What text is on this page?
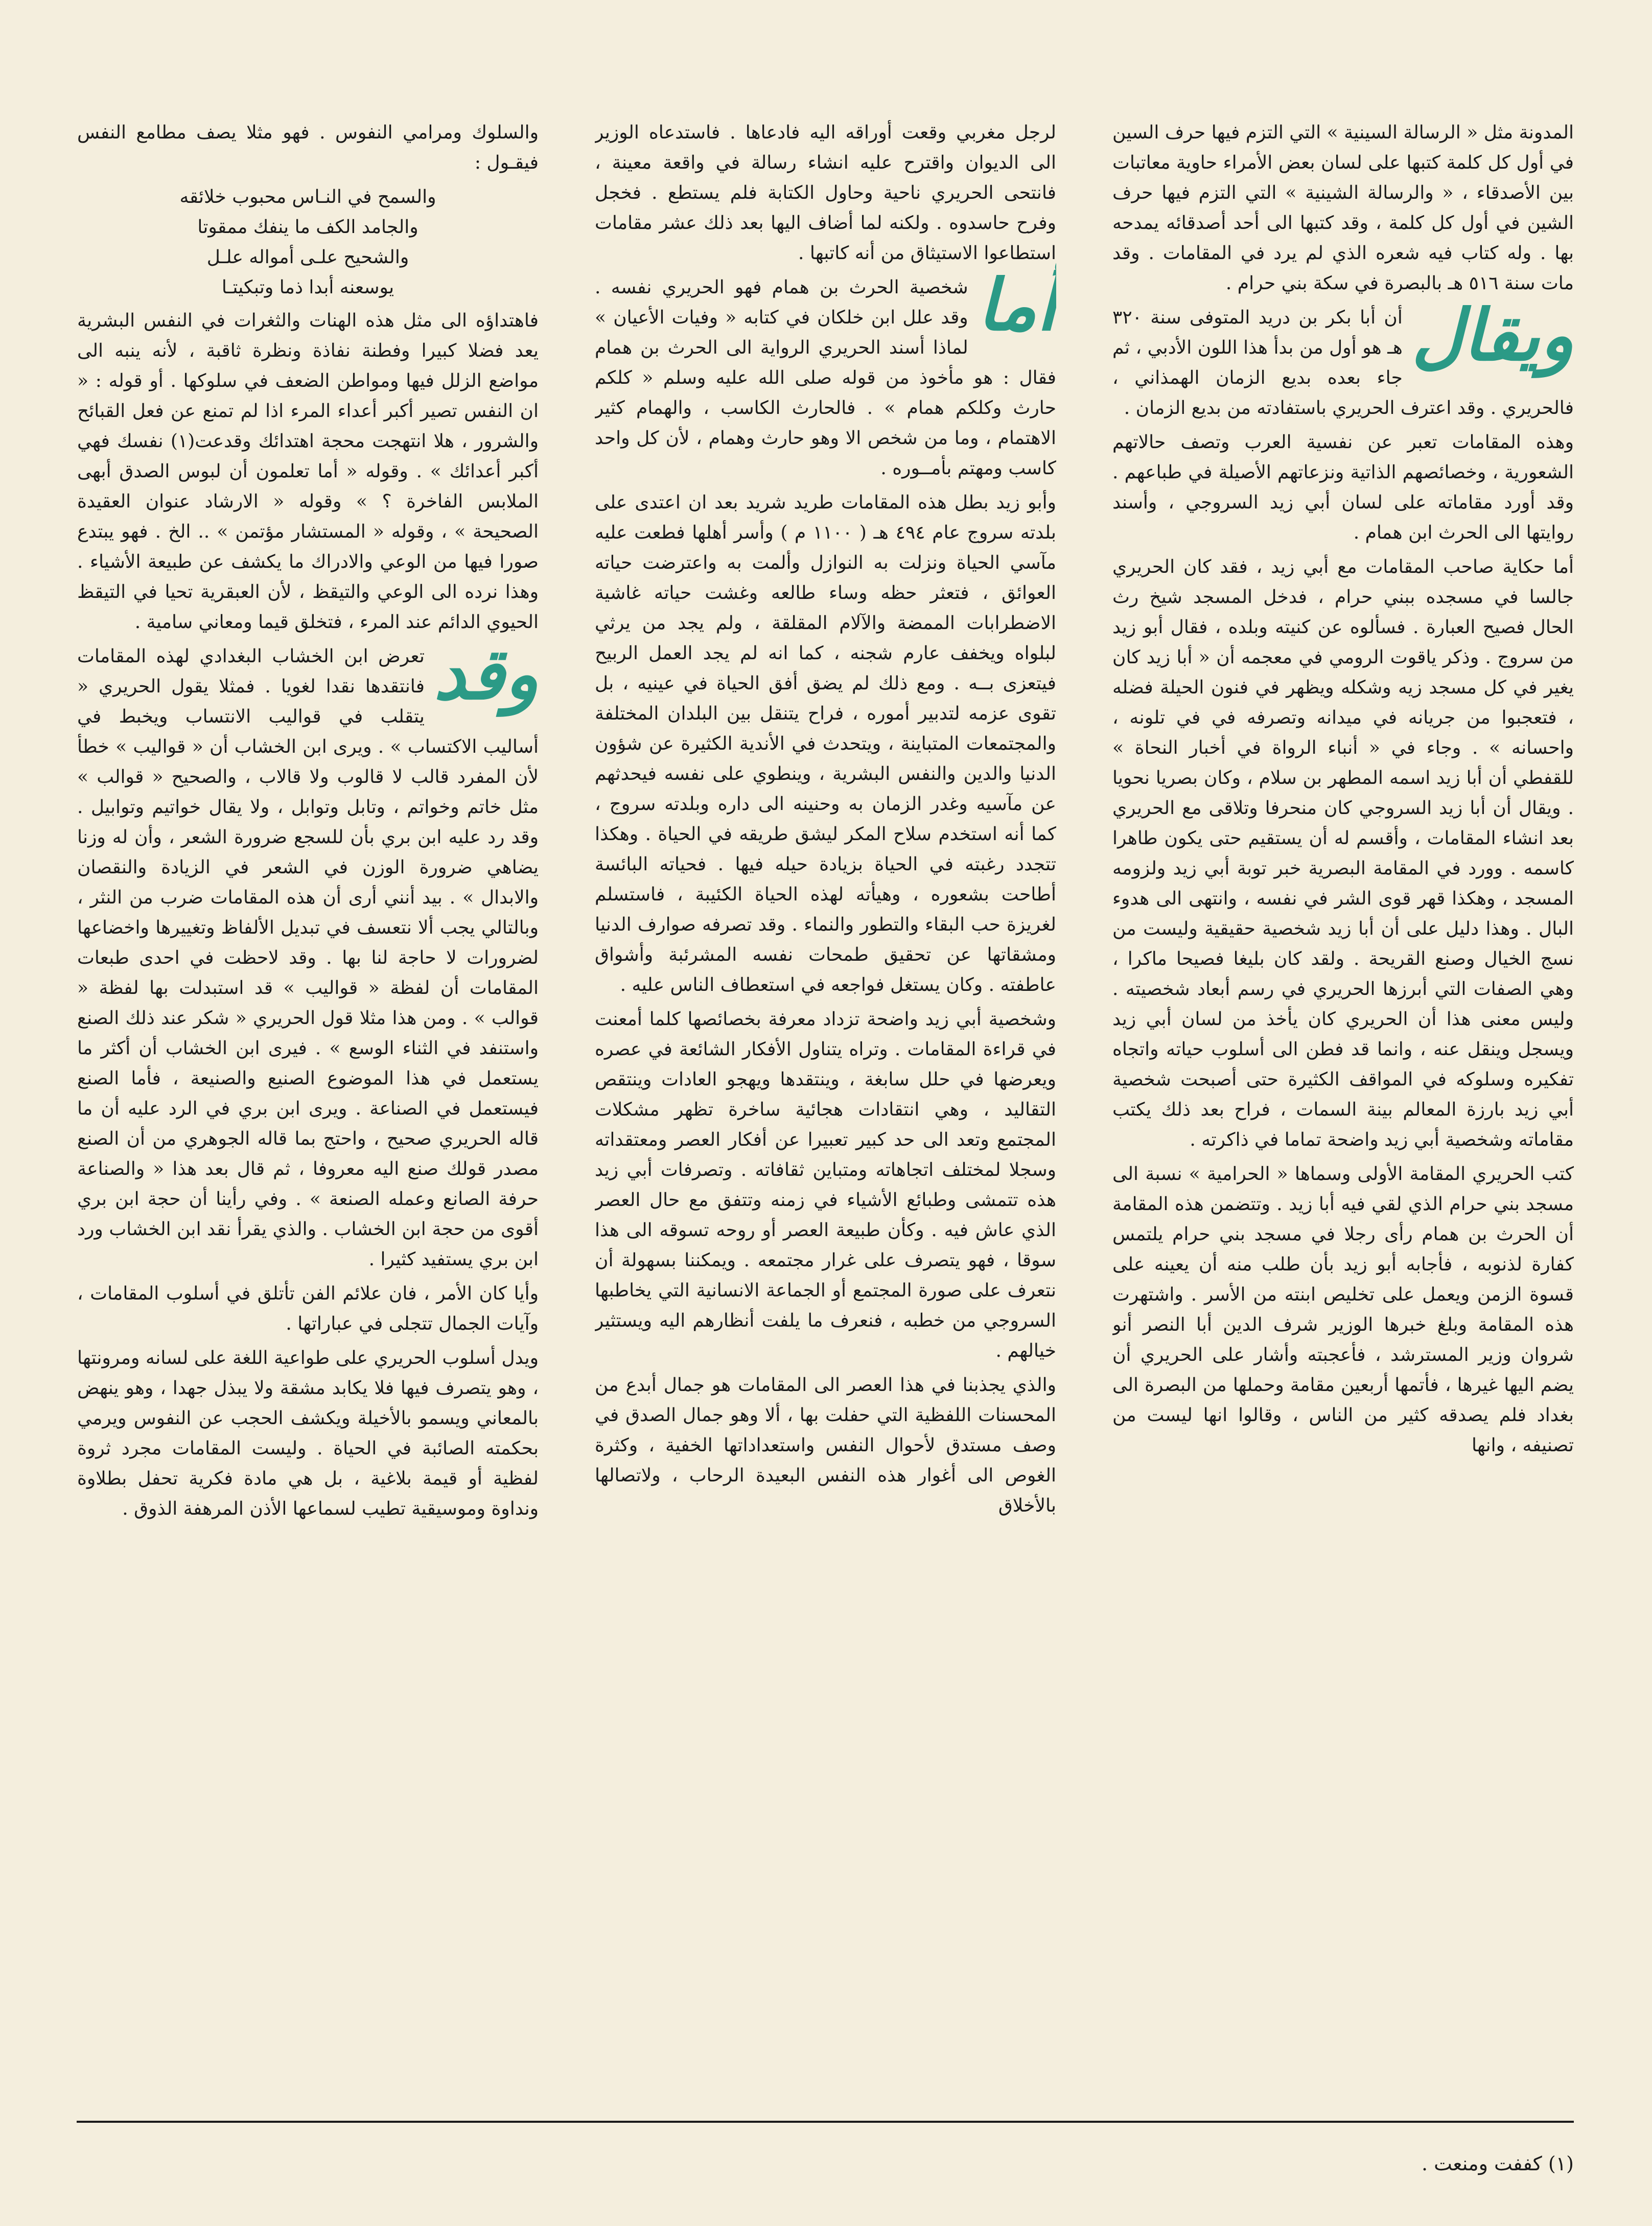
المدونة مثل « الرسالة السينية » التي التزم فيها حرف السين في أول كل كلمة كتبها على لسان بعض الأمراء حاوية معاتبات بين الأصدقاء ، « والرسالة الشينية » التي التزم فيها حرف الشين في أول كل كلمة ، وقد كتبها الى أحد أصدقائه يمدحه بها . وله كتاب فيه شعره الذي لم يرد في المقامات . وقد مات سنة ٥١٦ هـ بالبصرة في سكة بني حرام .

ويقال
أن أبا بكر بن دريد المتوفى سنة ٣٢٠ هـ هو أول من بدأ هذا اللون الأدبي ، ثم جاء بعده بديع الزمان الهمذاني ، فالحريري . وقد اعترف الحريري باستفادته من بديع الزمان .

وهذه المقامات تعبر عن نفسية العرب وتصف حالاتهم الشعورية ، وخصائصهم الذاتية ونزعاتهم الأصيلة في طباعهم . وقد أورد مقاماته على لسان أبي زيد السروجي ، وأسند روايتها الى الحرث ابن همام .

أما حكاية صاحب المقامات مع أبي زيد ، فقد كان الحريري جالسا في مسجده ببني حرام ، فدخل المسجد شيخ رث الحال فصيح العبارة . فسألوه عن كنيته وبلده ، فقال أبو زيد من سروج . وذكر ياقوت الرومي في معجمه أن « أبا زيد كان يغير في كل مسجد زيه وشكله ويظهر في فنون الحيلة فضله ، فتعجبوا من جريانه في ميدانه وتصرفه في في تلونه ، واحسانه » . وجاء في « أنباء الرواة في أخبار النحاة » للقفطي أن أبا زيد اسمه المطهر بن سلام ، وكان بصريا نحويا . ويقال أن أبا زيد السروجي كان منحرفا وتلاقى مع الحريري بعد انشاء المقامات ، وأقسم له أن يستقيم حتى يكون طاهرا كاسمه . وورد في المقامة البصرية خبر توبة أبي زيد ولزومه المسجد ، وهكذا قهر قوى الشر في نفسه ، وانتهى الى هدوء البال . وهذا دليل على أن أبا زيد شخصية حقيقية وليست من نسج الخيال وصنع القريحة . ولقد كان بليغا فصيحا ماكرا ، وهي الصفات التي أبرزها الحريري في رسم أبعاد شخصيته . وليس معنى هذا أن الحريري كان يأخذ من لسان أبي زيد ويسجل وينقل عنه ، وانما قد فطن الى أسلوب حياته واتجاه تفكيره وسلوكه في المواقف الكثيرة حتى أصبحت شخصية أبي زيد بارزة المعالم بينة السمات ، فراح بعد ذلك يكتب مقاماته وشخصية أبي زيد واضحة تماما في ذاكرته .

كتب الحريري المقامة الأولى وسماها « الحرامية » نسبة الى مسجد بني حرام الذي لقي فيه أبا زيد . وتتضمن هذه المقامة أن الحرث بن همام رأى رجلا في مسجد بني حرام يلتمس كفارة لذنوبه ، فأجابه أبو زيد بأن طلب منه أن يعينه على قسوة الزمن ويعمل على تخليص ابنته من الأسر . واشتهرت هذه المقامة وبلغ خبرها الوزير شرف الدين أبا النصر أنو شروان وزير المسترشد ، فأعجبته وأشار على الحريري أن يضم اليها غيرها ، فأتمها أربعين مقامة وحملها من البصرة الى بغداد فلم يصدقه كثير من الناس ، وقالوا انها ليست من تصنيفه ، وانها

لرجل مغربي وقعت أوراقه اليه فادعاها . فاستدعاه الوزير الى الديوان واقترح عليه انشاء رسالة في واقعة معينة ، فانتحى الحريري ناحية وحاول الكتابة فلم يستطع . فخجل وفرح حاسدوه . ولكنه لما أضاف اليها بعد ذلك عشر مقامات استطاعوا الاستيثاق من أنه كاتبها .

أما
شخصية الحرث بن همام فهو الحريري نفسه . وقد علل ابن خلكان في كتابه « وفيات الأعيان » لماذا أسند الحريري الرواية الى الحرث بن همام فقال : هو مأخوذ من قوله صلى الله عليه وسلم « كلكم حارث وكلكم همام » . فالحارث الكاسب ، والهمام كثير الاهتمام ، وما من شخص الا وهو حارث وهمام ، لأن كل واحد كاسب ومهتم بأمــوره .

وأبو زيد بطل هذه المقامات طريد شريد بعد ان اعتدى على بلدته سروج عام ٤٩٤ هـ ( ١١٠٠ م ) وأسر أهلها فطعت عليه مآسي الحياة ونزلت به النوازل وألمت به واعترضت حياته العوائق ، فتعثر حظه وساء طالعه وغشت حياته غاشية الاضطرابات الممضة والآلام المقلقة ، ولم يجد من يرثي لبلواه ويخفف عارم شجنه ، كما انه لم يجد العمل الربيح فيتعزى بــه . ومع ذلك لم يضق أفق الحياة في عينيه ، بل تقوى عزمه لتدبير أموره ، فراح يتنقل بين البلدان المختلفة والمجتمعات المتباينة ، ويتحدث في الأندية الكثيرة عن شؤون الدنيا والدين والنفس البشرية ، وينطوي على نفسه فيحدثهم عن مآسيه وغدر الزمان به وحنينه الى داره وبلدته سروج ، كما أنه استخدم سلاح المكر ليشق طريقه في الحياة . وهكذا تتجدد رغبته في الحياة بزيادة حيله فيها . فحياته البائسة أطاحت بشعوره ، وهيأته لهذه الحياة الكئيبة ، فاستسلم لغريزة حب البقاء والتطور والنماء . وقد تصرفه صوارف الدنيا ومشقاتها عن تحقيق طمحات نفسه المشرئبة وأشواق عاطفته . وكان يستغل فواجعه في استعطاف الناس عليه .

وشخصية أبي زيد واضحة تزداد معرفة بخصائصها كلما أمعنت في قراءة المقامات . وتراه يتناول الأفكار الشائعة في عصره ويعرضها في حلل سابغة ، وينتقدها ويهجو العادات وينتقص التقاليد ، وهي انتقادات هجائية ساخرة تظهر مشكلات المجتمع وتعد الى حد كبير تعبيرا عن أفكار العصر ومعتقداته وسجلا لمختلف اتجاهاته ومتباين ثقافاته . وتصرفات أبي زيد هذه تتمشى وطبائع الأشياء في زمنه وتتفق مع حال العصر الذي عاش فيه . وكأن طبيعة العصر أو روحه تسوقه الى هذا سوقا ، فهو يتصرف على غرار مجتمعه . ويمكننا بسهولة أن نتعرف على صورة المجتمع أو الجماعة الانسانية التي يخاطبها السروجي من خطبه ، فنعرف ما يلفت أنظارهم اليه ويستثير خيالهم .

والذي يجذبنا في هذا العصر الى المقامات هو جمال أبدع من المحسنات اللفظية التي حفلت بها ، ألا وهو جمال الصدق في وصف مستدق لأحوال النفس واستعداداتها الخفية ، وكثرة الغوص الى أغوار هذه النفس البعيدة الرحاب ، ولاتصالها بالأخلاق

والسلوك ومرامي النفوس . فهو مثلا يصف مطامع النفس فيقـول :

والسمح في النـاس محبوب خلائقه
والجامد الكف ما ينفك ممقوتا
والشحيح علـى أمواله علـل
يوسعنه أبدا ذما وتبكيتـا

فاهتداؤه الى مثل هذه الهنات والثغرات في النفس البشرية يعد فضلا كبيرا وفطنة نفاذة ونظرة ثاقبة ، لأنه ينبه الى مواضع الزلل فيها ومواطن الضعف في سلوكها . أو قوله : « ان النفس تصير أكبر أعداء المرء اذا لم تمنع عن فعل القبائح والشرور ، هلا انتهجت محجة اهتدائك وقدعت(١) نفسك فهي أكبر أعدائك » . وقوله « أما تعلمون أن لبوس الصدق أبهى الملابس الفاخرة ؟ » وقوله « الارشاد عنوان العقيدة الصحيحة » ، وقوله « المستشار مؤتمن » .. الخ . فهو يبتدع صورا فيها من الوعي والادراك ما يكشف عن طبيعة الأشياء . وهذا نرده الى الوعي والتيقظ ، لأن العبقرية تحيا في التيقظ الحيوي الدائم عند المرء ، فتخلق قيما ومعاني سامية .

وقد
تعرض ابن الخشاب البغدادي لهذه المقامات فانتقدها نقدا لغويا . فمثلا يقول الحريري « يتقلب في قواليب الانتساب ويخبط في أساليب الاكتساب » . ويرى ابن الخشاب أن « قواليب » خطأ لأن المفرد قالب لا قالوب ولا قالاب ، والصحيح « قوالب » مثل خاتم وخواتم ، وتابل وتوابل ، ولا يقال خواتيم وتوابيل . وقد رد عليه ابن بري بأن للسجع ضرورة الشعر ، وأن له وزنا يضاهي ضرورة الوزن في الشعر في الزيادة والنقصان والابدال » . بيد أنني أرى أن هذه المقامات ضرب من النثر ، وبالتالي يجب ألا نتعسف في تبديل الألفاظ وتغييرها واخضاعها لضرورات لا حاجة لنا بها . وقد لاحظت في احدى طبعات المقامات أن لفظة « قواليب » قد استبدلت بها لفظة « قوالب » . ومن هذا مثلا قول الحريري « شكر عند ذلك الصنع واستنفد في الثناء الوسع » . فيرى ابن الخشاب أن أكثر ما يستعمل في هذا الموضوع الصنيع والصنيعة ، فأما الصنع فيستعمل في الصناعة . ويرى ابن بري في الرد عليه أن ما قاله الحريري صحيح ، واحتج بما قاله الجوهري من أن الصنع مصدر قولك صنع اليه معروفا ، ثم قال بعد هذا « والصناعة حرفة الصانع وعمله الصنعة » . وفي رأينا أن حجة ابن بري أقوى من حجة ابن الخشاب . والذي يقرأ نقد ابن الخشاب ورد ابن بري يستفيد كثيرا .

وأيا كان الأمر ، فان علائم الفن تأتلق في أسلوب المقامات ، وآيات الجمال تتجلى في عباراتها .

ويدل أسلوب الحريري على طواعية اللغة على لسانه ومرونتها ، وهو يتصرف فيها فلا يكابد مشقة ولا يبذل جهدا ، وهو ينهض بالمعاني ويسمو بالأخيلة ويكشف الحجب عن النفوس ويرمي بحكمته الصائبة في الحياة . وليست المقامات مجرد ثروة لفظية أو قيمة بلاغية ، بل هي مادة فكرية تحفل بطلاوة ونداوة وموسيقية تطيب لسماعها الأذن المرهفة الذوق .

(١) كففت ومنعت .
